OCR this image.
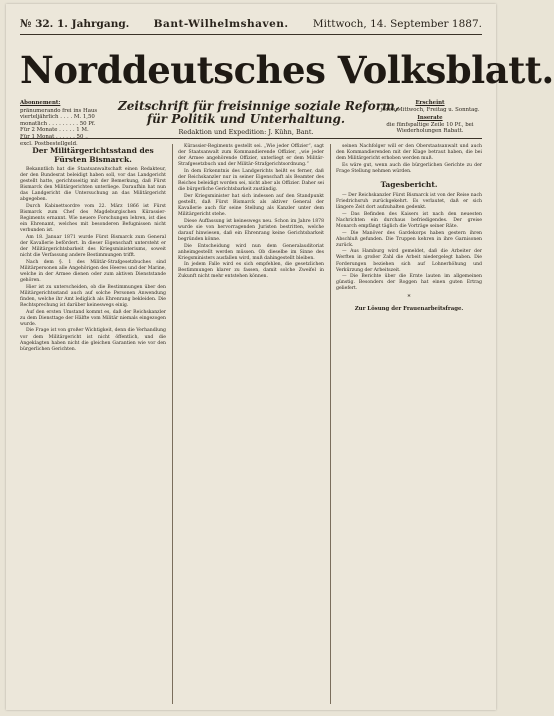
№ 32. 1. Jahrgang. Bant-Wilhelmshaven. Mittwoch, 14. September 1887.
Norddeutsches Volksblatt.
Abonnement:
pränumerando frei ins Haus
vierteljährlich . . . . M. 1,50
monatlich . . . . . . . . . 50 Pf.
Für 2 Monate . . . . . 1 M.
Für 1 Monat . . . . . . 50 „
excl. Postbestellgeld.
Zeitschrift für freisinnige soziale Reform,
für Politik und Unterhaltung.
Redaktion und Expedition: J. Kühn, Bant.
Erscheint
jeden Mittwoch, Freitag u. Sonntag.
Inserate
die fünfspaltige Zeile 10 Pf., bei Wiederholungen Rabatt.
Der Militärgerichtsstand des Fürsten Bismarck.

Bekanntlich hat die Staatsanwaltschaft einen Redakteur, der den Bundesrat beleidigt haben soll, vor das Landgericht gestellt hatte, gerichtsseitig mit der Bemerkung, daß Fürst Bismarck den Militärgerichten unterliege. Daraufhin hat nun das Landgericht die Untersuchung an das Militärgericht abgegeben.

Durch Kabinettsordre vom 22. März 1866 ist Fürst Bismarck zum Chef des Magdeburgischen Kürassier-Regiments ernannt. Wie neuere Forschungen lehren, ist dies ein Ehrenamt, welches mit besonderen Befugnissen nicht verbunden ist.

Am 18. Januar 1871 wurde Fürst Bismarck zum General der Kavallerie befördert. In dieser Eigenschaft untersteht er der Militärgerichtsbarkeit des Kriegsministeriums, soweit nicht die Verfassung andere Bestimmungen trifft.

Nach dem §. 1 des Militär-Strafgesetzbuches sind Militärpersonen alle Angehörigen des Heeres und der Marine, welche in der Armee dienen oder zum aktiven Dienststande gehören.

Hier ist zu unterscheiden, ob die Bestimmungen über den Militärgerichtsstand auch auf solche Personen Anwendung finden, welche ihr Amt lediglich als Ehrenrang bekleiden. Die Rechtsprechung ist darüber keineswegs einig.

Auf den ersten Umstand kommt es, daß der Reichskanzler zu dem Diensttage der Hälfte vom Militär niemals eingezogen wurde.

Die Frage ist von großer Wichtigkeit, denn die Verhandlung vor dem Militärgericht ist nicht öffentlich, und die Angeklagten haben nicht die gleichen Garantien wie vor den bürgerlichen Gerichten.

Kürassier-Regiments gestellt sei. „Wie jeder Offizier“, sagt der Staatsanwalt zum Kommandierende Offizier, „wie jeder der Armee angehörende Offizier, unterliegt er dem Militär-Strafgesetzbuch und der Militär-Strafgerichtsordnung.“

In dem Erkenntnis des Landgerichts heißt es ferner, daß der Reichskanzler nur in seiner Eigenschaft als Beamter des Reiches beleidigt worden sei, nicht aber als Offizier. Daher sei die bürgerliche Gerichtsbarkeit zuständig.

Der Kriegsminister hat sich indessen auf den Standpunkt gestellt, daß Fürst Bismarck als aktiver General der Kavallerie auch für seine Stellung als Kanzler unter dem Militärgericht stehe.

Diese Auffassung ist keineswegs neu. Schon im Jahre 1878 wurde sie von hervorragenden Juristen bestritten, welche darauf hinwiesen, daß ein Ehrenrang keine Gerichtsbarkeit begründen könne.

Die Entscheidung wird nun dem Generalauditoriat anheimgestellt werden müssen. Ob dieselbe im Sinne des Kriegsministers ausfallen wird, muß dahingestellt bleiben.

In jedem Falle wird es sich empfehlen, die gesetzlichen Bestimmungen klarer zu fassen, damit solche Zweifel in Zukunft nicht mehr entstehen können.

seinen Nachfolger will er den Oberstaatsanwalt und auch den Kommandierenden mit der Klage betraut haben, die bei dem Militärgericht erhoben werden muß.

Es wäre gut, wenn auch die bürgerlichen Gerichte zu der Frage Stellung nehmen würden.

Tagesbericht.

— Der Reichskanzler Fürst Bismarck ist von der Reise nach Friedrichsruh zurückgekehrt. Es verlautet, daß er sich längere Zeit dort aufzuhalten gedenkt.

— Das Befinden des Kaisers ist nach den neuesten Nachrichten ein durchaus befriedigendes. Der greise Monarch empfängt täglich die Vorträge seiner Räte.

— Die Manöver des Gardekorps haben gestern ihren Abschluß gefunden. Die Truppen kehren in ihre Garnisonen zurück.

— Aus Hamburg wird gemeldet, daß die Arbeiter der Werften in großer Zahl die Arbeit niedergelegt haben. Die Forderungen beziehen sich auf Lohnerhöhung und Verkürzung der Arbeitszeit.

— Die Berichte über die Ernte lauten im allgemeinen günstig. Besonders der Roggen hat einen guten Ertrag geliefert.

*
Zur Lösung der Frauenarbeitsfrage.
